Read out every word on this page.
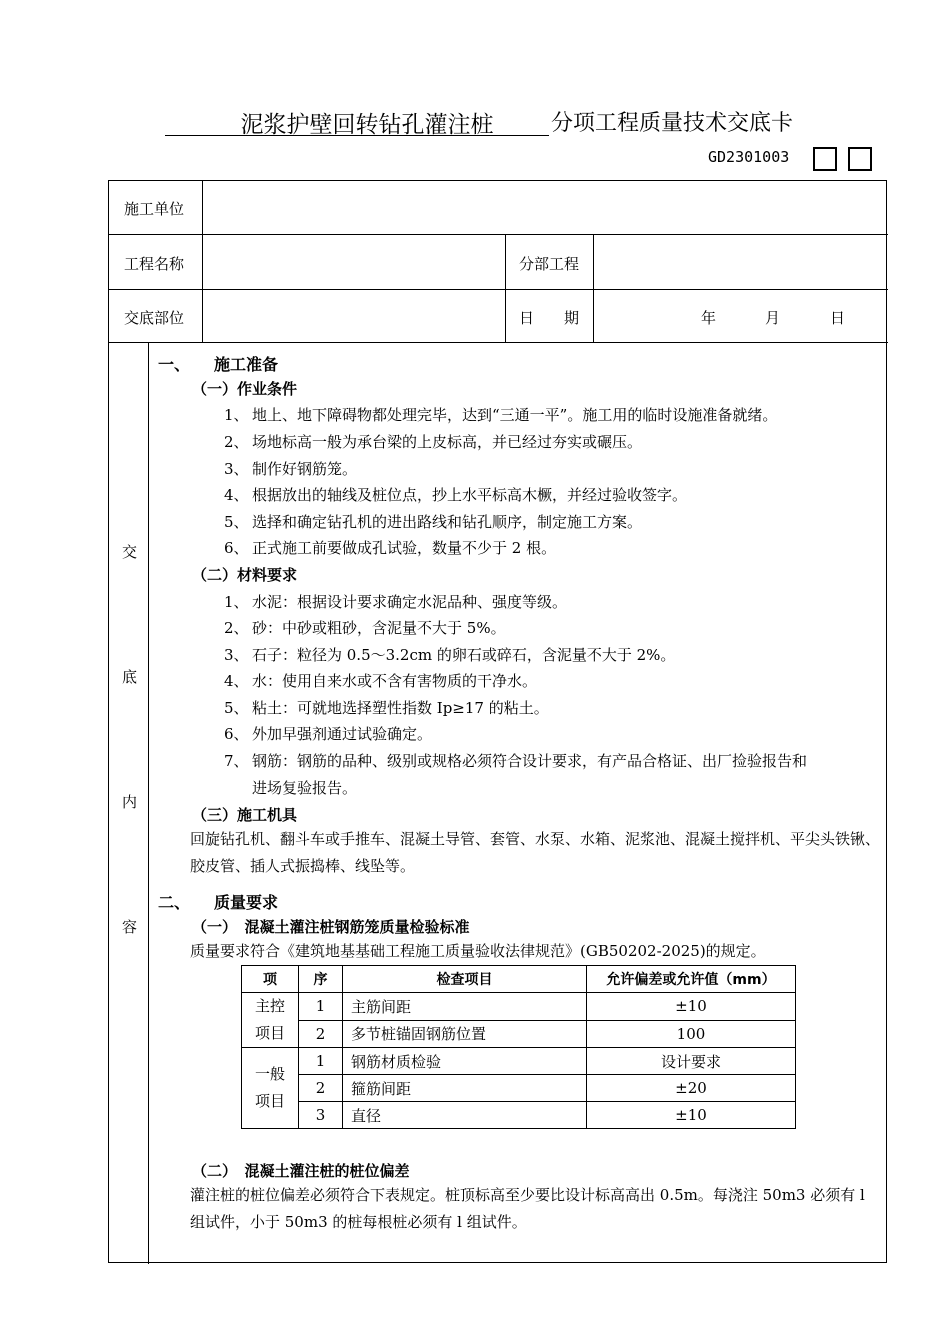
泥浆护壁回转钻孔灌注桩	分项工程质量技术交底卡
GD2301003
施工单位
工程名称	分部工程
交底部位	日　　期	年	月	日
交
底
内
容
一、 施工准备
（一）作业条件
1、 地上、地下障碍物都处理完毕，达到“三通一平”。施工用的临时设施准备就绪。
2、 场地标高一般为承台梁的上皮标高，并已经过夯实或碾压。
3、 制作好钢筋笼。
4、 根据放出的轴线及桩位点，抄上水平标高木橛，并经过验收签字。
5、 选择和确定钻孔机的进出路线和钻孔顺序，制定施工方案。
6、 正式施工前要做成孔试验，数量不少于 2 根。
（二）材料要求
1、 水泥：根据设计要求确定水泥品种、强度等级。
2、 砂：中砂或粗砂，含泥量不大于 5%。
3、 石子：粒径为 0.5～3.2cm 的卵石或碎石，含泥量不大于 2%。
4、 水：使用自来水或不含有害物质的干净水。
5、 粘土：可就地选择塑性指数 Ip≥17 的粘土。
6、 外加早强剂通过试验确定。
7、 钢筋：钢筋的品种、级别或规格必须符合设计要求，有产品合格证、出厂捡验报告和
进场复验报告。
（三）施工机具
回旋钻孔机、翻斗车或手推车、混凝土导管、套管、水泵、水箱、泥浆池、混凝土搅拌机、平尖头铁锹、胶皮管、插人式振捣棒、线坠等。
二、 质量要求
（一）　混凝土灌注桩钢筋笼质量检验标准
质量要求符合《建筑地基基础工程施工质量验收法律规范》(GB50202-2025)的规定。
（二）　混凝土灌注桩的桩位偏差
灌注桩的桩位偏差必须符合下表规定。桩顶标高至少要比设计标高高出 0.5m。每浇注 50m3 必须有 l 组试件，小于 50m3 的桩每根桩必须有 l 组试件。
项	序	检查项目	允许偏差或允许值（mm）
主控项目	1	主筋间距	±10
	2	多节桩锚固钢筋位置	100
一般项目	1	钢筋材质检验	设计要求
	2	箍筋间距	±20
	3	直径	±10
